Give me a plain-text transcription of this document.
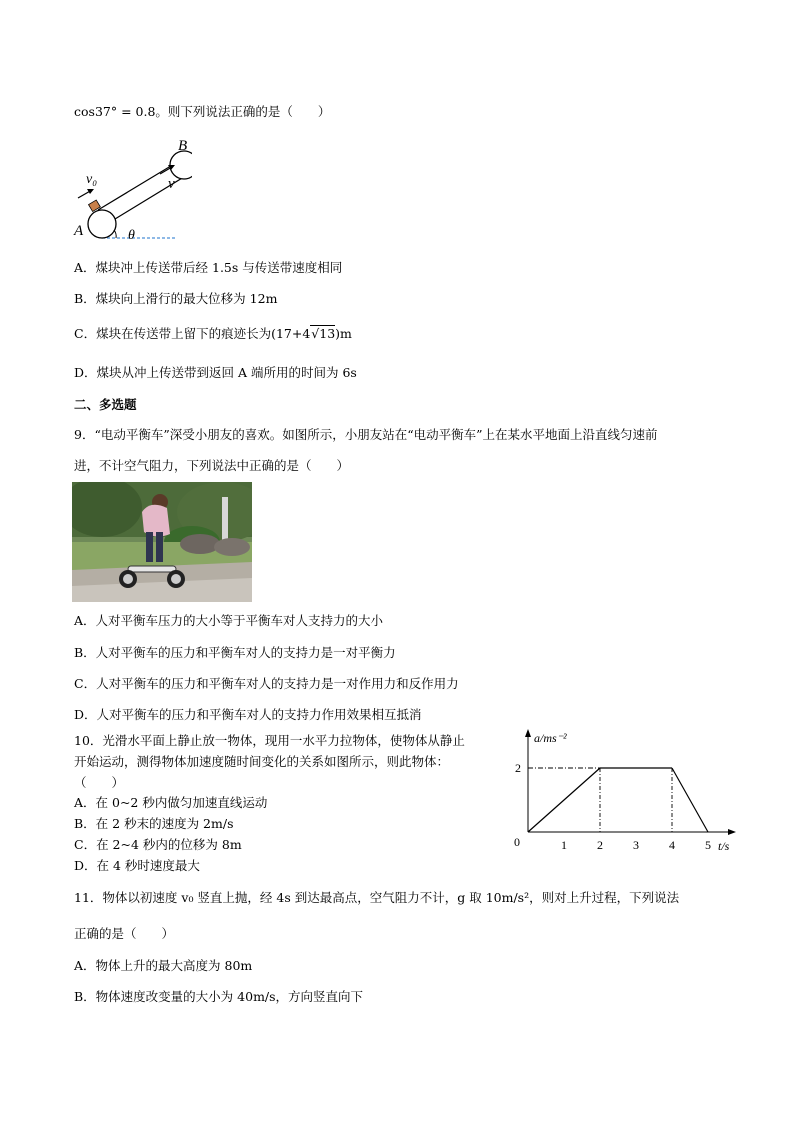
cos37° = 0.8。则下列说法正确的是（　　）
v₀	v
B
A	θ
A．煤块冲上传送带后经 1.5s 与传送带速度相同
B．煤块向上滑行的最大位移为 12m
C．煤块在传送带上留下的痕迹长为(17+4√13)m
D．煤块从冲上传送带到返回 A 端所用的时间为 6s
二、多选题
9．“电动平衡车”深受小朋友的喜欢。如图所示，小朋友站在“电动平衡车”上在某水平地面上沿直线匀速前
进，不计空气阻力，下列说法中正确的是（　　）
A．人对平衡车压力的大小等于平衡车对人支持力的大小
B．人对平衡车的压力和平衡车对人的支持力是一对平衡力
C．人对平衡车的压力和平衡车对人的支持力是一对作用力和反作用力
D．人对平衡车的压力和平衡车对人的支持力作用效果相互抵消
10．光滑水平面上静止放一物体，现用一水平力拉物体，使物体从静止
开始运动，测得物体加速度随时间变化的关系如图所示，则此物体：
（　　）
A．在 0~2 秒内做匀加速直线运动
B．在 2 秒末的速度为 2m/s
C．在 2~4 秒内的位移为 8m
D．在 4 秒时速度最大
a/ms⁻²
t/s
0	1	2	3	4	5
2
11．物体以初速度 v₀ 竖直上抛，经 4s 到达最高点，空气阻力不计，g 取 10m/s²，则对上升过程，下列说法
正确的是（　　）
A．物体上升的最大高度为 80m
B．物体速度改变量的大小为 40m/s，方向竖直向下
